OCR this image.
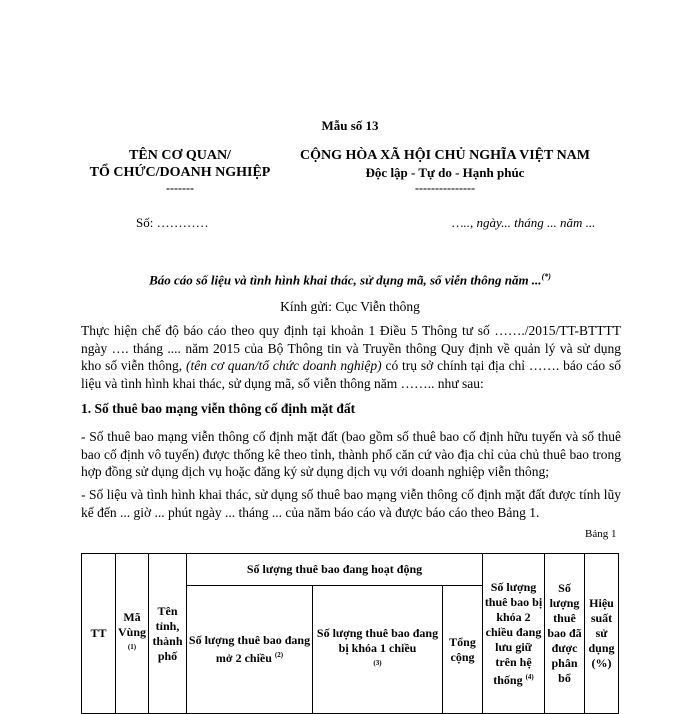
Mẫu số 13
TÊN CƠ QUAN/
TỔ CHỨC/DOANH NGHIỆP
-------
CỘNG HÒA XÃ HỘI CHỦ NGHĨA VIỆT NAM
Độc lập - Tự do - Hạnh phúc
---------------
Số: …………	….., ngày... tháng ... năm ...
Báo cáo số liệu và tình hình khai thác, sử dụng mã, số viễn thông năm ...(*)
Kính gửi: Cục Viễn thông
Thực hiện chế độ báo cáo theo quy định tại khoản 1 Điều 5 Thông tư số ……./2015/TT-BTTTT ngày …. tháng .... năm 2015 của Bộ Thông tin và Truyền thông Quy định về quản lý và sử dụng kho số viễn thông, (tên cơ quan/tổ chức doanh nghiệp) có trụ sở chính tại địa chỉ ……. báo cáo số liệu và tình hình khai thác, sử dụng mã, số viễn thông năm …….. như sau:
1. Số thuê bao mạng viễn thông cố định mặt đất
- Số thuê bao mạng viễn thông cố định mặt đất (bao gồm số thuê bao cố định hữu tuyến và số thuê bao cố định vô tuyến) được thống kê theo tỉnh, thành phố căn cứ vào địa chỉ của chủ thuê bao trong hợp đồng sử dụng dịch vụ hoặc đăng ký sử dụng dịch vụ với doanh nghiệp viễn thông;
- Số liệu và tình hình khai thác, sử dụng số thuê bao mạng viễn thông cố định mặt đất được tính lũy kế đến ... giờ ... phút ngày ... tháng ... của năm báo cáo và được báo cáo theo Bảng 1.
Bảng 1
TT	Mã Vùng $^{(1)}$	Tên tỉnh, thành phố	Số lượng thuê bao đang hoạt động			Số lượng thuê bao bị khóa 2 chiều đang lưu giữ trên hệ thống $^{(4)}$	Số lượng thuê bao đã được phân bổ	Hiệu suất sử dụng (%)
			Số lượng thuê bao đang mở 2 chiều $^{(2)}$	Số lượng thuê bao đang bị khóa 1 chiều
$^{(3)}$	Tổng cộng			
